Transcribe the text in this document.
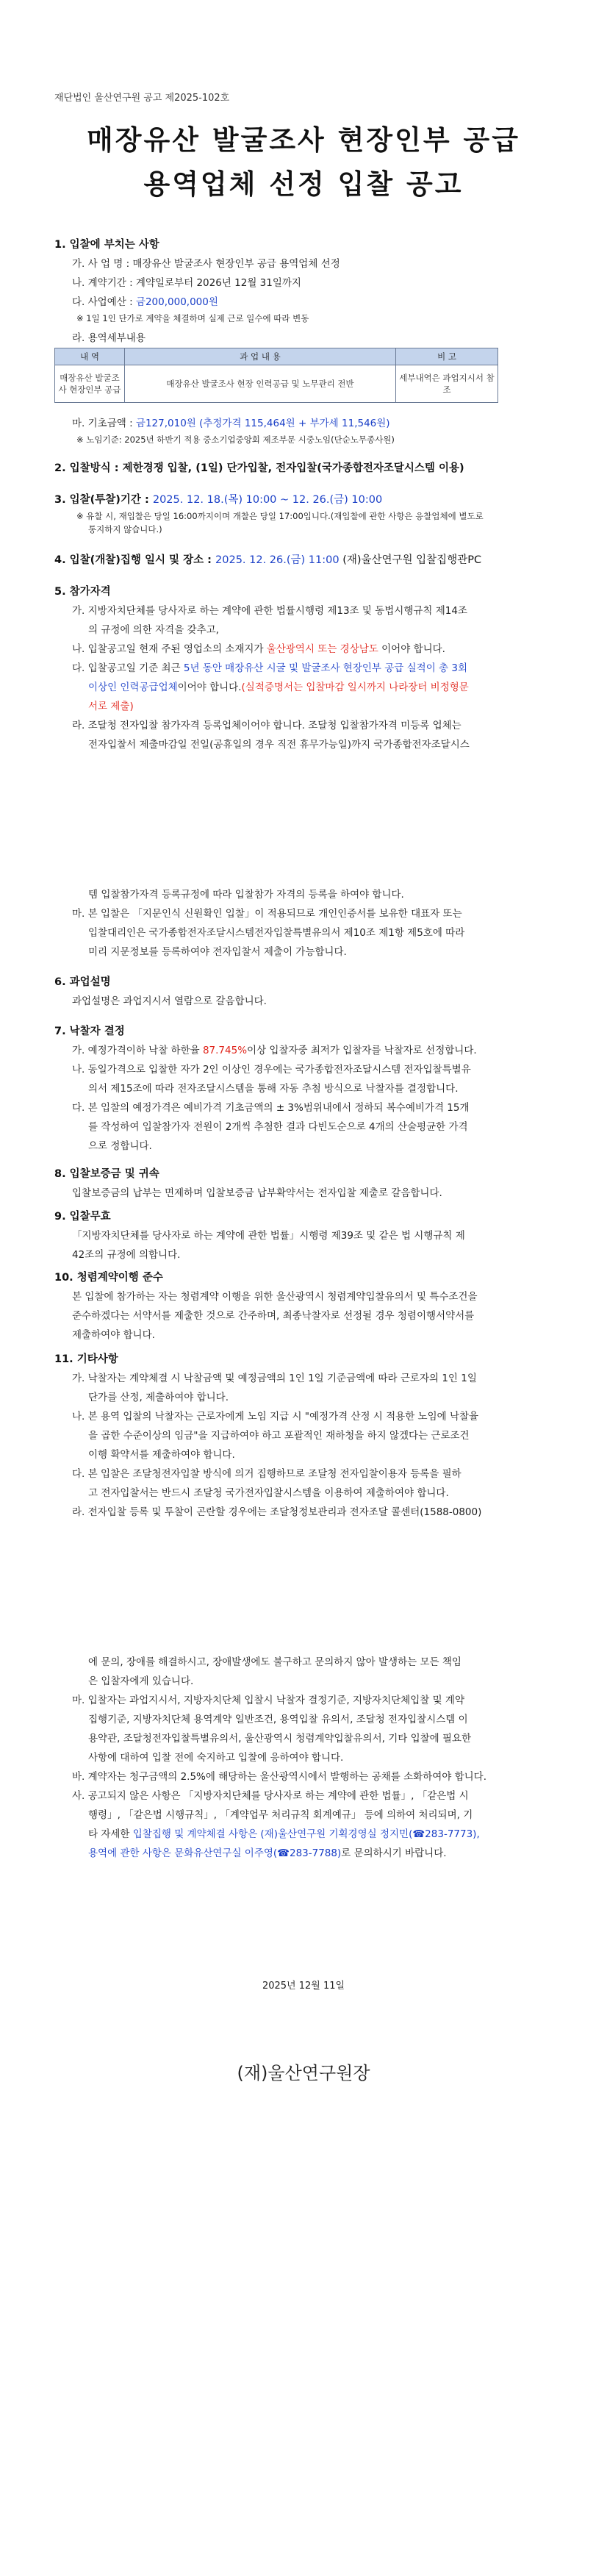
재단법인 울산연구원 공고 제2025-102호
매장유산 발굴조사 현장인부 공급
용역업체 선정 입찰 공고
1. 입찰에 부치는 사항
가. 사 업 명 : 매장유산 발굴조사 현장인부 공급 용역업체 선정
나. 계약기간 : 계약일로부터 2026년 12월 31일까지
다. 사업예산 : 금200,000,000원
※ 1일 1인 단가로 계약을 체결하며 실제 근로 일수에 따라 변동
라. 용역세부내용
내 역	과 업 내 용	비 고
매장유산 발굴조사 현장인부 공급	매장유산 발굴조사 현장 인력공급 및 노무관리 전반	세부내역은 과업지시서 참조
마. 기초금액 : 금127,010원 (추정가격 115,464원 + 부가세 11,546원)
※ 노임기준: 2025년 하반기 적용 중소기업중앙회 제조부문 시중노임(단순노무종사원)
2. 입찰방식 : 제한경쟁 입찰, (1일) 단가입찰, 전자입찰(국가종합전자조달시스템 이용)
3. 입찰(투찰)기간 : 2025. 12. 18.(목) 10:00 ~ 12. 26.(금) 10:00
※ 유찰 시, 재입찰은 당일 16:00까지이며 개찰은 당일 17:00입니다.(재입찰에 관한 사항은 응찰업체에 별도로
통지하지 않습니다.)
4. 입찰(개찰)집행 일시 및 장소 : 2025. 12. 26.(금) 11:00 (재)울산연구원 입찰집행관PC
5. 참가자격
가. 지방자치단체를 당사자로 하는 계약에 관한 법률시행령 제13조 및 동법시행규칙 제14조
의 규정에 의한 자격을 갖추고,
나. 입찰공고일 현재 주된 영업소의 소재지가 울산광역시 또는 경상남도 이어야 합니다.
다. 입찰공고일 기준 최근 5년 동안 매장유산 시굴 및 발굴조사 현장인부 공급 실적이 총 3회
이상인 인력공급업체이어야 합니다.(실적증명서는 입찰마감 일시까지 나라장터 비정형문
서로 제출)
라. 조달청 전자입찰 참가자격 등록업체이어야 합니다. 조달청 입찰참가자격 미등록 업체는
전자입찰서 제출마감일 전일(공휴일의 경우 직전 휴무가능일)까지 국가종합전자조달시스
템 입찰참가자격 등록규정에 따라 입찰참가 자격의 등록을 하여야 합니다.
마. 본 입찰은 「지문인식 신원확인 입찰」이 적용되므로 개인인증서를 보유한 대표자 또는
입찰대리인은 국가종합전자조달시스템전자입찰특별유의서 제10조 제1항 제5호에 따라
미리 지문정보를 등록하여야 전자입찰서 제출이 가능합니다.
6. 과업설명
과업설명은 과업지시서 열람으로 갈음합니다.
7. 낙찰자 결정
가. 예정가격이하 낙찰 하한율 87.745%이상 입찰자중 최저가 입찰자를 낙찰자로 선정합니다.
나. 동일가격으로 입찰한 자가 2인 이상인 경우에는 국가종합전자조달시스템 전자입찰특별유
의서 제15조에 따라 전자조달시스템을 통해 자동 추첨 방식으로 낙찰자를 결정합니다.
다. 본 입찰의 예정가격은 예비가격 기초금액의 ± 3%범위내에서 정하되 복수예비가격 15개
를 작성하여 입찰참가자 전원이 2개씩 추첨한 결과 다빈도순으로 4개의 산술평균한 가격
으로 정합니다.
8. 입찰보증금 및 귀속
입찰보증금의 납부는 면제하며 입찰보증금 납부확약서는 전자입찰 제출로 갈음합니다.
9. 입찰무효
「지방자치단체를 당사자로 하는 계약에 관한 법률」시행령 제39조 및 같은 법 시행규칙 제
42조의 규정에 의합니다.
10. 청렴계약이행 준수
본 입찰에 참가하는 자는 청렴계약 이행을 위한 울산광역시 청렴계약입찰유의서 및 특수조건을
준수하겠다는 서약서를 제출한 것으로 간주하며, 최종낙찰자로 선정될 경우 청렴이행서약서를
제출하여야 합니다.
11. 기타사항
가. 낙찰자는 계약체결 시 낙찰금액 및 예정금액의 1인 1일 기준금액에 따라 근로자의 1인 1일
단가를 산정, 제출하여야 합니다.
나. 본 용역 입찰의 낙찰자는 근로자에게 노임 지급 시 "예정가격 산정 시 적용한 노임에 낙찰율
을 곱한 수준이상의 임금"을 지급하여야 하고 포괄적인 재하청을 하지 않겠다는 근로조건
이행 확약서를 제출하여야 합니다.
다. 본 입찰은 조달청전자입찰 방식에 의거 집행하므로 조달청 전자입찰이용자 등록을 필하
고 전자입찰서는 반드시 조달청 국가전자입찰시스템을 이용하여 제출하여야 합니다.
라. 전자입찰 등록 및 투찰이 곤란할 경우에는 조달청정보관리과 전자조달 콜센터(1588-0800)
에 문의, 장애를 해결하시고, 장애발생에도 불구하고 문의하지 않아 발생하는 모든 책임
은 입찰자에게 있습니다.
마. 입찰자는 과업지시서, 지방자치단체 입찰시 낙찰자 결정기준, 지방자치단체입찰 및 계약
집행기준, 지방자치단체 용역계약 일반조건, 용역입찰 유의서, 조달청 전자입찰시스템 이
용약관, 조달청전자입찰특별유의서, 울산광역시 청렴계약입찰유의서, 기타 입찰에 필요한
사항에 대하여 입찰 전에 숙지하고 입찰에 응하여야 합니다.
바. 계약자는 청구금액의 2.5%에 해당하는 울산광역시에서 발행하는 공채를 소화하여야 합니다.
사. 공고되지 않은 사항은 「지방자치단체를 당사자로 하는 계약에 관한 법률」, 「같은법 시
행령」, 「같은법 시행규칙」, 「계약업무 처리규칙 회계예규」 등에 의하여 처리되며, 기
타 자세한 입찰집행 및 계약체결 사항은 (재)울산연구원 기획경영실 정지민(☎283-7773),
용역에 관한 사항은 문화유산연구실 이주영(☎283-7788)로 문의하시기 바랍니다.
2025년 12월 11일
(재)울산연구원장
